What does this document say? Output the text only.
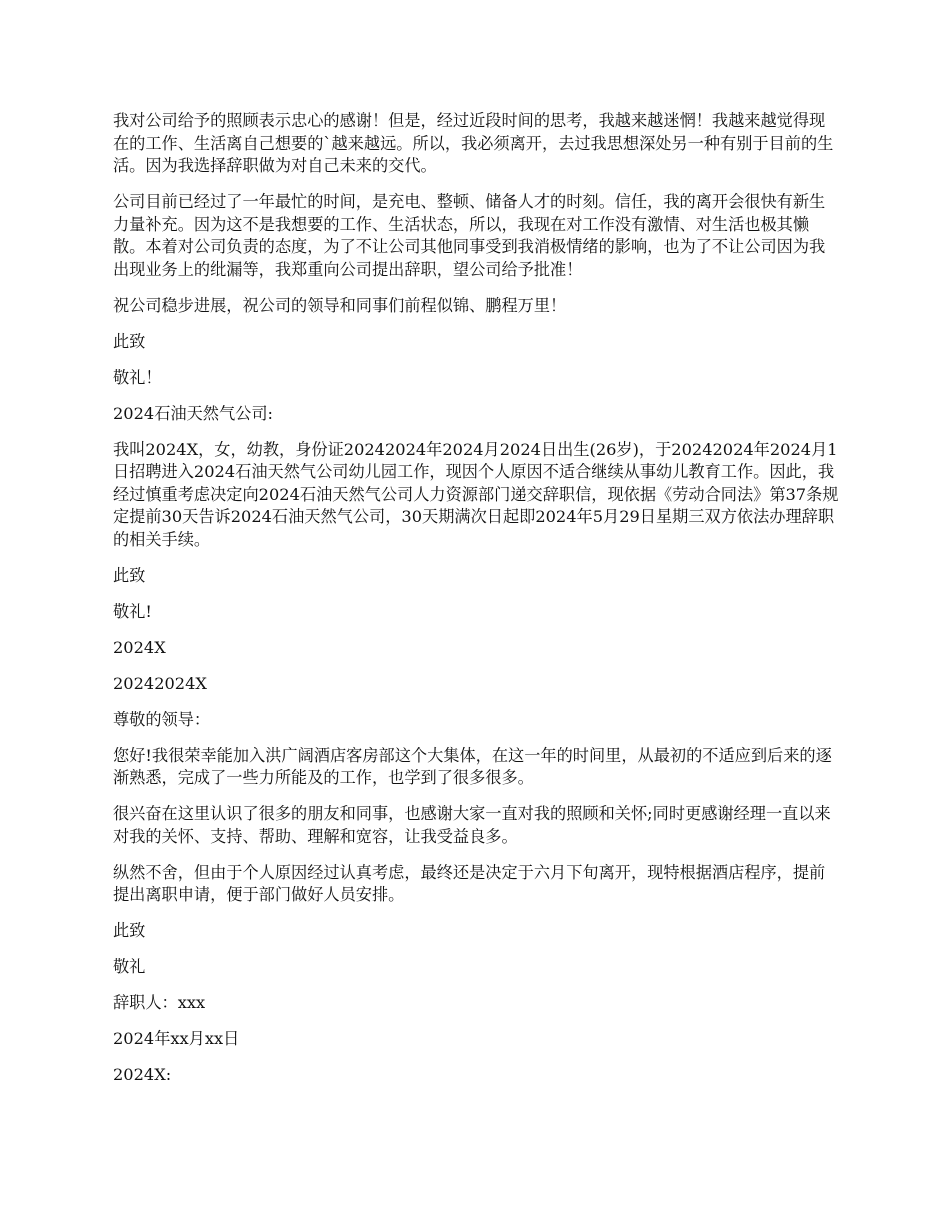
我对公司给予的照顾表示忠心的感谢！但是，经过近段时间的思考，我越来越迷惘！我越来越觉得现在的工作、生活离自己想要的`越来越远。所以，我必须离开，去过我思想深处另一种有别于目前的生活。因为我选择辞职做为对自己未来的交代。

公司目前已经过了一年最忙的时间，是充电、整顿、储备人才的时刻。信任，我的离开会很快有新生力量补充。因为这不是我想要的工作、生活状态，所以，我现在对工作没有激情、对生活也极其懒散。本着对公司负责的态度，为了不让公司其他同事受到我消极情绪的影响，也为了不让公司因为我出现业务上的纰漏等，我郑重向公司提出辞职，望公司给予批准！

祝公司稳步进展，祝公司的领导和同事们前程似锦、鹏程万里！

此致

敬礼！

2024石油天然气公司:

我叫2024X，女，幼教，身份证20242024年2024月2024日出生(26岁)，于20242024年2024月1日招聘进入2024石油天然气公司幼儿园工作，现因个人原因不适合继续从事幼儿教育工作。因此，我经过慎重考虑决定向2024石油天然气公司人力资源部门递交辞职信，现依据《劳动合同法》第37条规定提前30天告诉2024石油天然气公司，30天期满次日起即2024年5月29日星期三双方依法办理辞职的相关手续。

此致

敬礼!

2024X

20242024X

尊敬的领导：

您好!我很荣幸能加入洪广阔酒店客房部这个大集体，在这一年的时间里，从最初的不适应到后来的逐渐熟悉，完成了一些力所能及的工作，也学到了很多很多。

很兴奋在这里认识了很多的朋友和同事，也感谢大家一直对我的照顾和关怀;同时更感谢经理一直以来对我的关怀、支持、帮助、理解和宽容，让我受益良多。

纵然不舍，但由于个人原因经过认真考虑，最终还是决定于六月下旬离开，现特根据酒店程序，提前提出离职申请，便于部门做好人员安排。

此致

敬礼

辞职人：xxx

2024年xx月xx日

2024X:
